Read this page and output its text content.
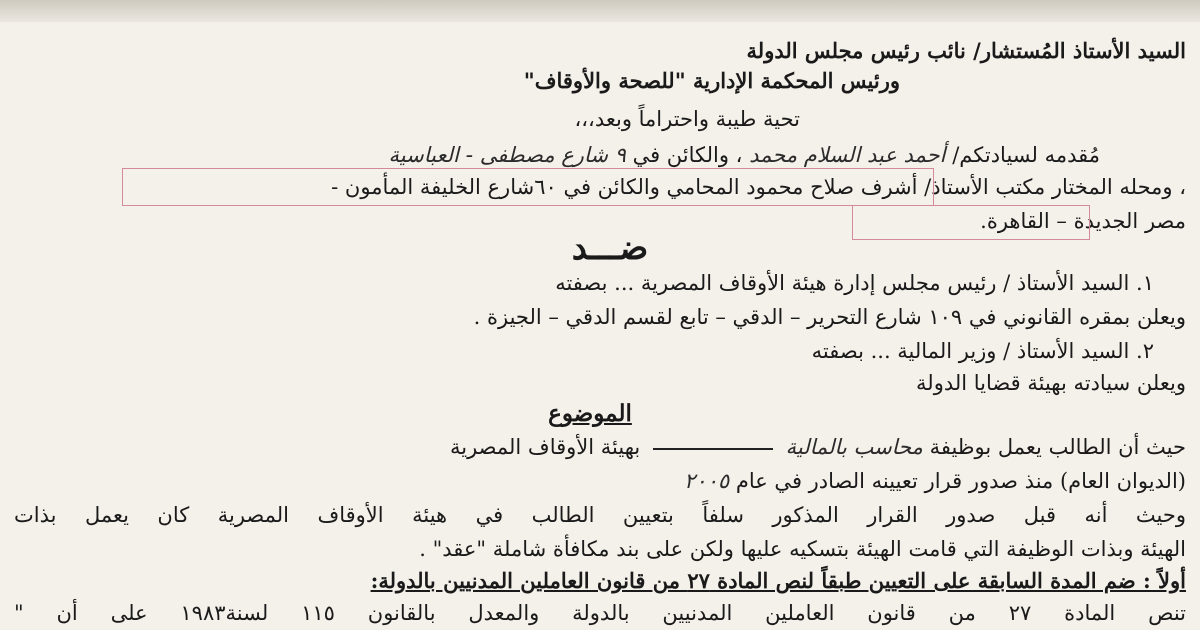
السيد الأستاذ المُستشار/ نائب رئيس مجلس الدولة
ورئيس المحكمة الإدارية "للصحة والأوقاف"
تحية طيبة واحتراماً وبعد،،،
مُقدمه لسيادتكم/ أحمد عبد السلام محمد ، والكائن في ٩ شارع مصطفى - العباسية
، ومحله المختار مكتب الأستاذ/ أشرف صلاح محمود المحامي والكائن في ٦٠شارع الخليفة المأمون -
مصر الجديدة – القاهرة.
ضـــد
١. السيد الأستاذ / رئيس مجلس إدارة هيئة الأوقاف المصرية ... بصفته
ويعلن بمقره القانوني في ١٠٩ شارع التحرير – الدقي – تابع لقسم الدقي – الجيزة .
٢. السيد الأستاذ / وزير المالية ... بصفته
ويعلن سيادته بهيئة قضايا الدولة
الموضوع
حيث أن الطالب يعمل بوظيفة محاسب بالمالية  بهيئة الأوقاف المصرية
(الديوان العام) منذ صدور قرار تعيينه الصادر في عام ٢٠٠٥
وحيث أنه قبل صدور القرار المذكور سلفاً بتعيين الطالب في هيئة الأوقاف المصرية كان يعمل بذات
الهيئة وبذات الوظيفة التي قامت الهيئة بتسكيه عليها ولكن على بند مكافأة شاملة "عقد" .
أولاً : ضم المدة السابقة على التعيين طبقاً لنص المادة ٢٧ من قانون العاملين المدنيين بالدولة:
تنص المادة ٢٧ من قانون العاملين المدنيين بالدولة والمعدل بالقانون ١١٥ لسنة١٩٨٣ على أن "
